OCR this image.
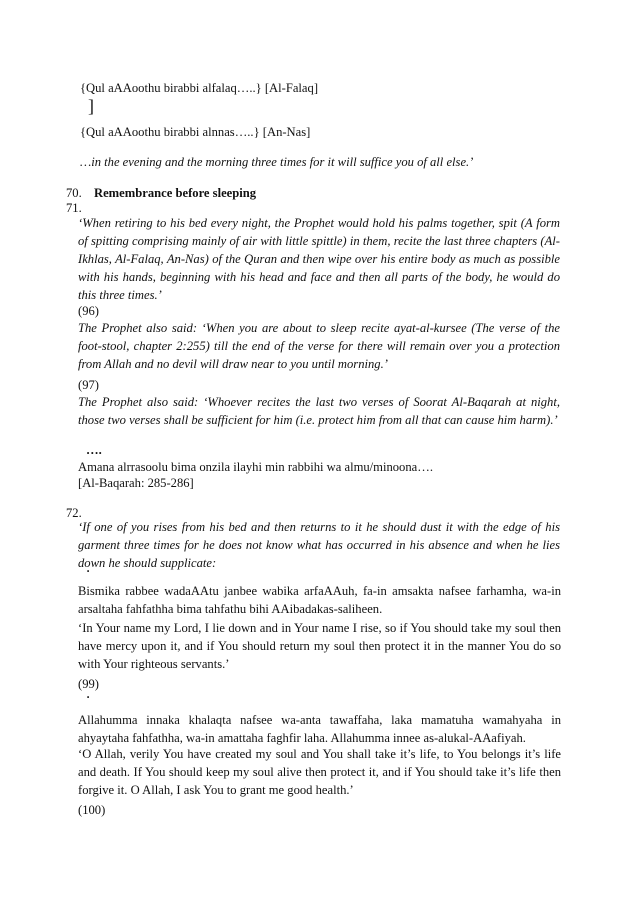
{Qul aAAoothu birabbi alfalaq…..} [Al-Falaq]
]
{Qul aAAoothu birabbi alnnas…..} [An-Nas]
…in the evening and the morning three times for it will suffice you of all else.’
70. Remembrance before sleeping
71.
‘When retiring to his bed every night, the Prophet would hold his palms together, spit (A form of spitting comprising mainly of air with little spittle) in them, recite the last three chapters (Al-Ikhlas, Al-Falaq, An-Nas) of the Quran and then wipe over his entire body as much as possible with his hands, beginning with his head and face and then all parts of the body, he would do this three times.’
(96)
The Prophet also said: ‘When you are about to sleep recite ayat-al-kursee (The verse of the foot-stool, chapter 2:255) till the end of the verse for there will remain over you a protection from Allah and no devil will draw near to you until morning.’
(97)
The Prophet also said: ‘Whoever recites the last two verses of Soorat Al-Baqarah at night, those two verses shall be sufficient for him (i.e. protect him from all that can cause him harm).’
….
Amana alrrasoolu bima onzila ilayhi min rabbihi wa almu/minoona….
[Al-Baqarah: 285-286]
72.
‘If one of you rises from his bed and then returns to it he should dust it with the edge of his garment three times for he does not know what has occurred in his absence and when he lies down he should supplicate:
˙
Bismika rabbee wadaAAtu janbee wabika arfaAAuh, fa-in amsakta nafsee farhamha, wa-in arsaltaha fahfathha bima tahfathu bihi AAibadakas-saliheen.
‘In Your name my Lord, I lie down and in Your name I rise, so if You should take my soul then have mercy upon it, and if You should return my soul then protect it in the manner You do so with Your righteous servants.’
(99)
˙
Allahumma innaka khalaqta nafsee wa-anta tawaffaha, laka mamatuha wamahyaha in ahyaytaha fahfathha, wa-in amattaha faghfir laha. Allahumma innee as-alukal-AAafiyah.
‘O Allah, verily You have created my soul and You shall take it’s life, to You belongs it’s life and death. If You should keep my soul alive then protect it, and if You should take it’s life then forgive it. O Allah, I ask You to grant me good health.’
(100)
